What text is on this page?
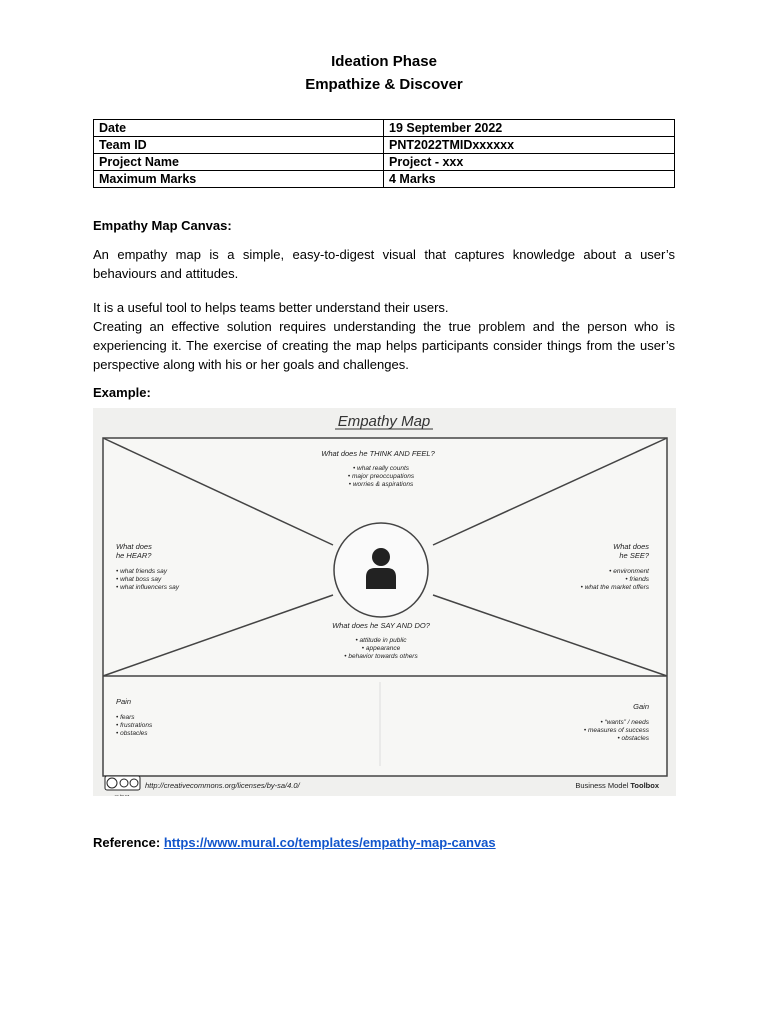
Ideation Phase
Empathize & Discover
Date	19 September 2022
Team ID	PNT2022TMIDxxxxxx
Project Name	Project - xxx
Maximum Marks	4 Marks
Empathy Map Canvas:
An empathy map is a simple, easy-to-digest visual that captures knowledge about a user’s behaviours and attitudes.
It is a useful tool to helps teams better understand their users.
Creating an effective solution requires understanding the true problem and the person who is experiencing it. The exercise of creating the map helps participants consider things from the user’s perspective along with his or her goals and challenges.
Example:
Empathy Map
What does he THINK AND FEEL?
• what really counts
• major preoccupations
• worries & aspirations
What does
he HEAR?
• what friends say
• what boss say
• what influencers say
What does
he SEE?
• environment
• friends
• what the market offers
What does he SAY AND DO?
• attitude in public
• appearance
• behavior towards others
Pain
• fears
• frustrations
• obstacles
Gain
• “wants” / needs
• measures of success
• obstacles
cc by sa
http://creativecommons.org/licenses/by-sa/4.0/	Business Model Toolbox
Reference: https://www.mural.co/templates/empathy-map-canvas
